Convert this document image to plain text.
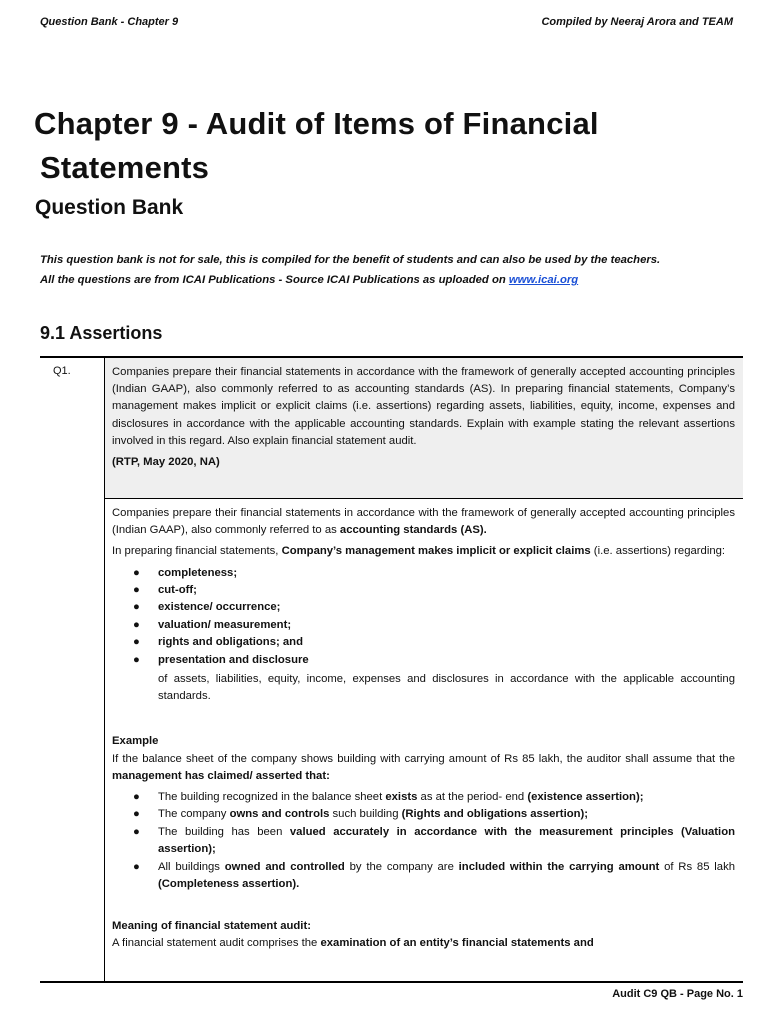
Question Bank - Chapter 9	Compiled by Neeraj Arora and TEAM
Chapter 9 - Audit of Items of Financial
Statements
Question Bank
This question bank is not for sale, this is compiled for the benefit of students and can also be used by the teachers.
All the questions are from ICAI Publications - Source ICAI Publications as uploaded on www.icai.org
9.1 Assertions
Q1.	Companies prepare their financial statements in accordance with the framework of generally accepted accounting principles (Indian GAAP), also commonly referred to as accounting standards (AS). In preparing financial statements, Company’s management makes implicit or explicit claims (i.e. assertions) regarding assets, liabilities, equity, income, expenses and disclosures in accordance with the applicable accounting standards. Explain with example stating the relevant assertions involved in this regard. Also explain financial statement audit.

(RTP, May 2020, NA)

Companies prepare their financial statements in accordance with the framework of generally accepted accounting principles (Indian GAAP), also commonly referred to as accounting standards (AS).

In preparing financial statements, Company’s management makes implicit or explicit claims (i.e. assertions) regarding:

● completeness;
● cut-off;
● existence/ occurrence;
● valuation/ measurement;
● rights and obligations; and
● presentation and disclosure

of assets, liabilities, equity, income, expenses and disclosures in accordance with the applicable accounting standards.

Example

If the balance sheet of the company shows building with carrying amount of Rs 85 lakh, the auditor shall assume that the management has claimed/ asserted that:

● The building recognized in the balance sheet exists as at the period- end (existence assertion);
● The company owns and controls such building (Rights and obligations assertion);
● The building has been valued accurately in accordance with the measurement principles (Valuation assertion);
● All buildings owned and controlled by the company are included within the carrying amount of Rs 85 lakh (Completeness assertion).

Meaning of financial statement audit:

A financial statement audit comprises the examination of an entity’s financial statements and

Audit C9 QB - Page No. 1
